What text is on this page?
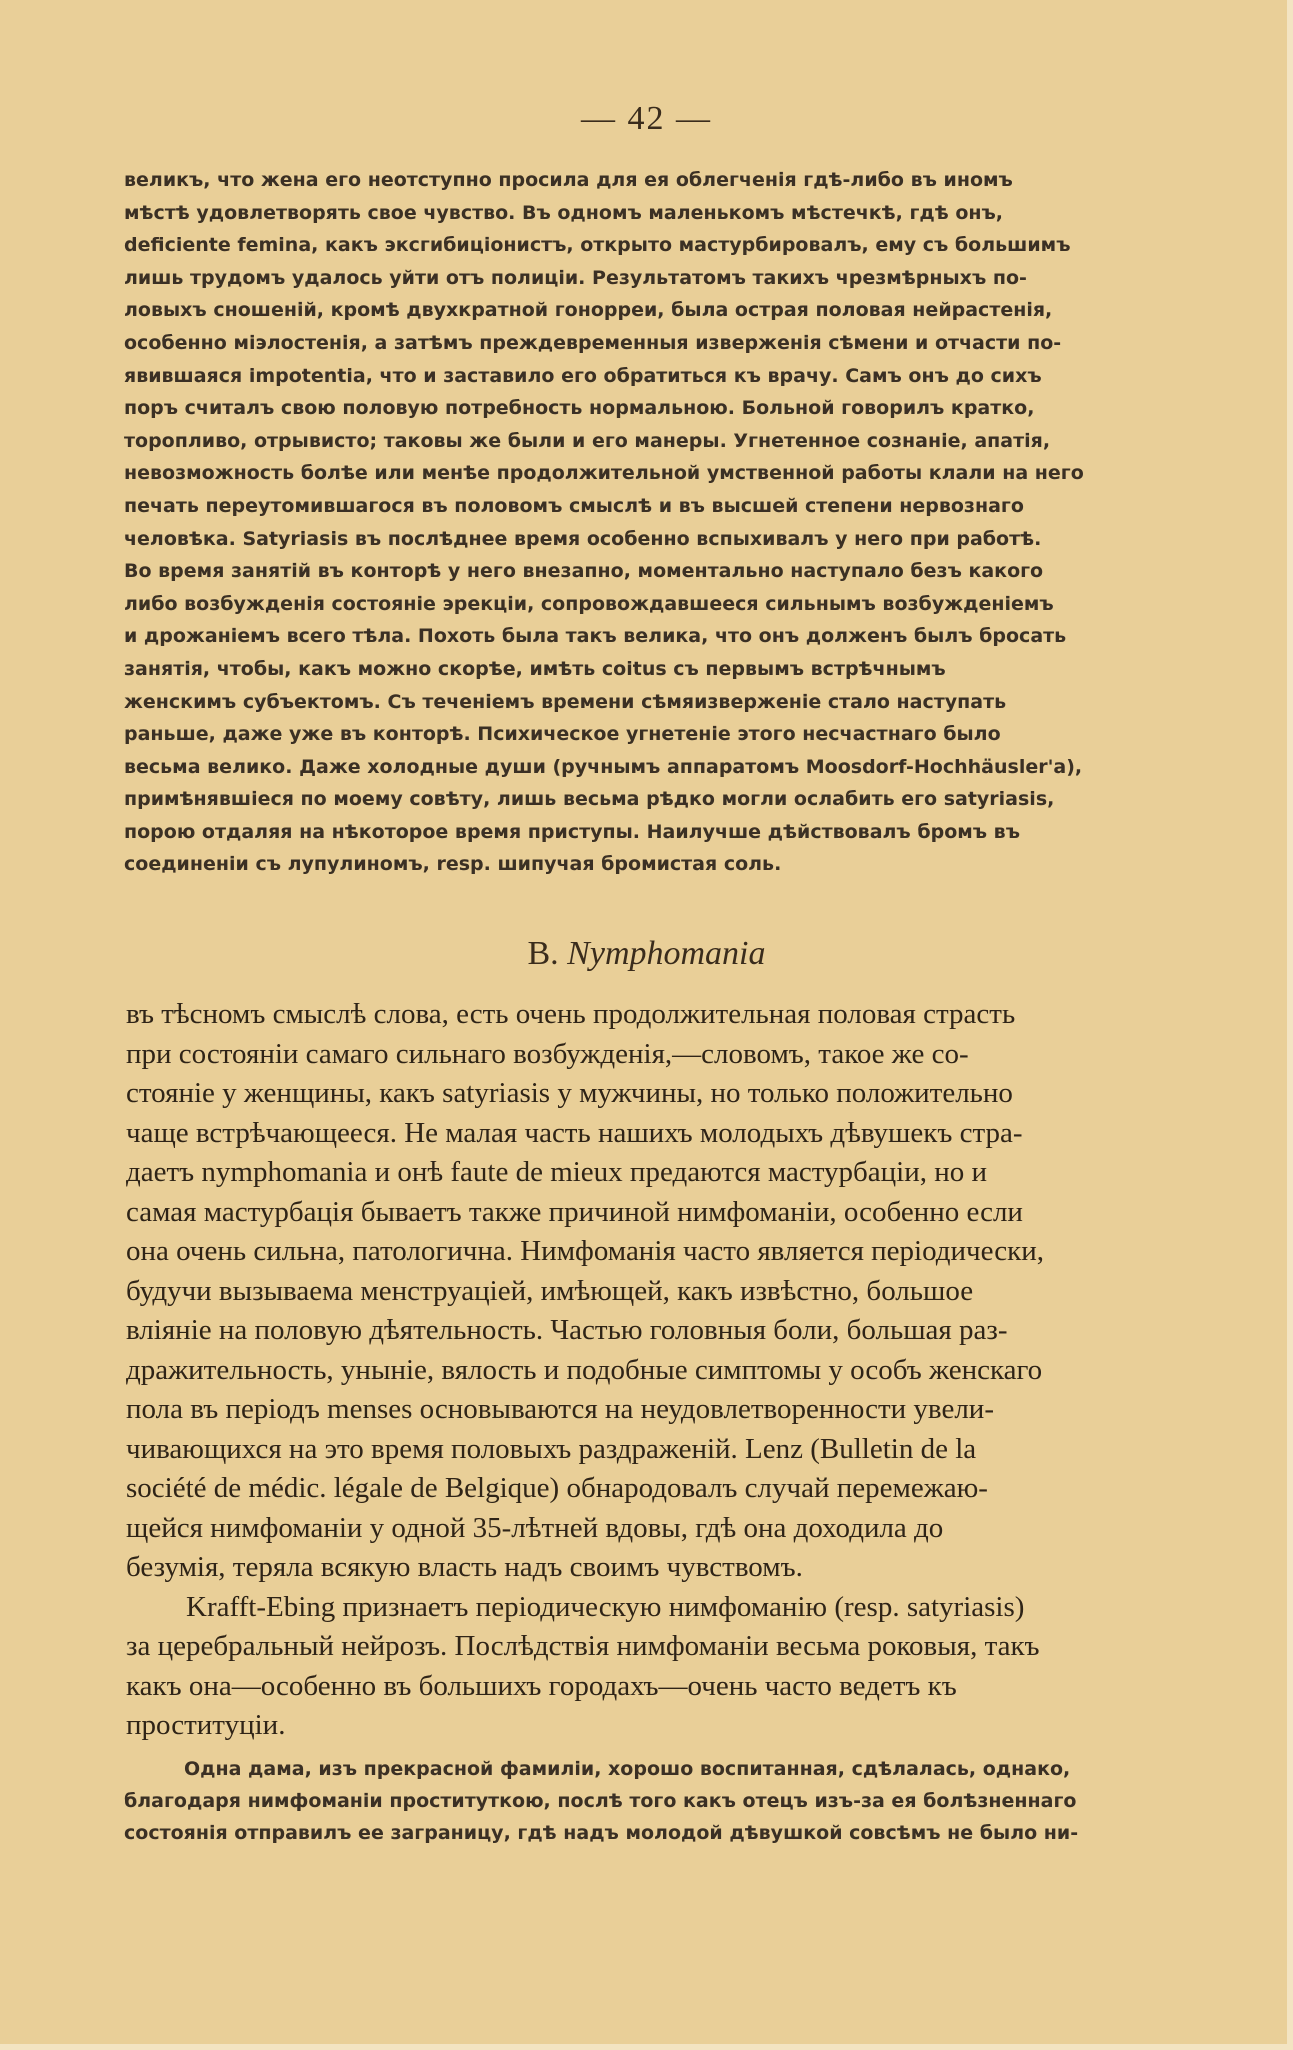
— 42 —
великъ, что жена его неотступно просила для ея облегченія гдѣ-либо въ иномъ
мѣстѣ удовлетворять свое чувство. Въ одномъ маленькомъ мѣстечкѣ, гдѣ онъ,
deficiente femina, какъ эксгибиціонистъ, открыто мастурбировалъ, ему съ большимъ
лишь трудомъ удалось уйти отъ полиціи. Результатомъ такихъ чрезмѣрныхъ по-
ловыхъ сношеній, кромѣ двухкратной гонорреи, была острая половая нейрастенія,
особенно міэлостенія, а затѣмъ преждевременныя изверженія сѣмени и отчасти по-
явившаяся impotentia, что и заставило его обратиться къ врачу. Самъ онъ до сихъ
поръ считалъ свою половую потребность нормальною. Больной говорилъ кратко,
торопливо, отрывисто; таковы же были и его манеры. Угнетенное сознаніе, апатія,
невозможность болѣе или менѣе продолжительной умственной работы клали на него
печать переутомившагося въ половомъ смыслѣ и въ высшей степени нервознаго
человѣка. Satyriasis въ послѣднее время особенно вспыхивалъ у него при работѣ.
Во время занятій въ конторѣ у него внезапно, моментально наступало безъ какого
либо возбужденія состояніе эрекціи, сопровождавшееся сильнымъ возбужденіемъ
и дрожаніемъ всего тѣла. Похоть была такъ велика, что онъ долженъ былъ бросать
занятія, чтобы, какъ можно скорѣе, имѣть coitus съ первымъ встрѣчнымъ
женскимъ субъектомъ. Съ теченіемъ времени сѣмяизверженіе стало наступать
раньше, даже уже въ конторѣ. Психическое угнетеніе этого несчастнаго было
весьма велико. Даже холодные души (ручнымъ аппаратомъ Moosdorf-Hochhäusler'а),
примѣнявшіеся по моему совѣту, лишь весьма рѣдко могли ослабить его satyriasis,
порою отдаляя на нѣкоторое время приступы. Наилучше дѣйствовалъ бромъ въ
соединеніи съ лупулиномъ, resp. шипучая бромистая соль.
B. Nymphomania
въ тѣсномъ смыслѣ слова, есть очень продолжительная половая страсть
при состояніи самаго сильнаго возбужденія,—словомъ, такое же со-
стояніе у женщины, какъ satyriasis у мужчины, но только положительно
чаще встрѣчающееся. Не малая часть нашихъ молодыхъ дѣвушекъ стра-
даетъ nymphomania и онѣ faute de mieux предаются мастурбаціи, но и
самая мастурбація бываетъ также причиной нимфоманіи, особенно если
она очень сильна, патологична. Нимфоманія часто является періодически,
будучи вызываема менструаціей, имѣющей, какъ извѣстно, большое
вліяніе на половую дѣятельность. Частью головныя боли, большая раз-
дражительность, уныніе, вялость и подобные симптомы у особъ женскаго
пола въ періодъ menses основываются на неудовлетворенности увели-
чивающихся на это время половыхъ раздраженій. Lenz (Bulletin de la
société de médic. légale de Belgique) обнародовалъ случай перемежаю-
щейся нимфоманіи у одной 35-лѣтней вдовы, гдѣ она доходила до
безумія, теряла всякую власть надъ своимъ чувствомъ.
Krafft-Ebing признаетъ періодическую нимфоманію (resp. satyriasis)
за церебральный нейрозъ. Послѣдствія нимфоманіи весьма роковыя, такъ
какъ она—особенно въ большихъ городахъ—очень часто ведетъ къ
проституціи.
Одна дама, изъ прекрасной фамиліи, хорошо воспитанная, сдѣлалась, однако,
благодаря нимфоманіи проституткою, послѣ того какъ отецъ изъ-за ея болѣзненнаго
состоянія отправилъ ее заграницу, гдѣ надъ молодой дѣвушкой совсѣмъ не было ни-
